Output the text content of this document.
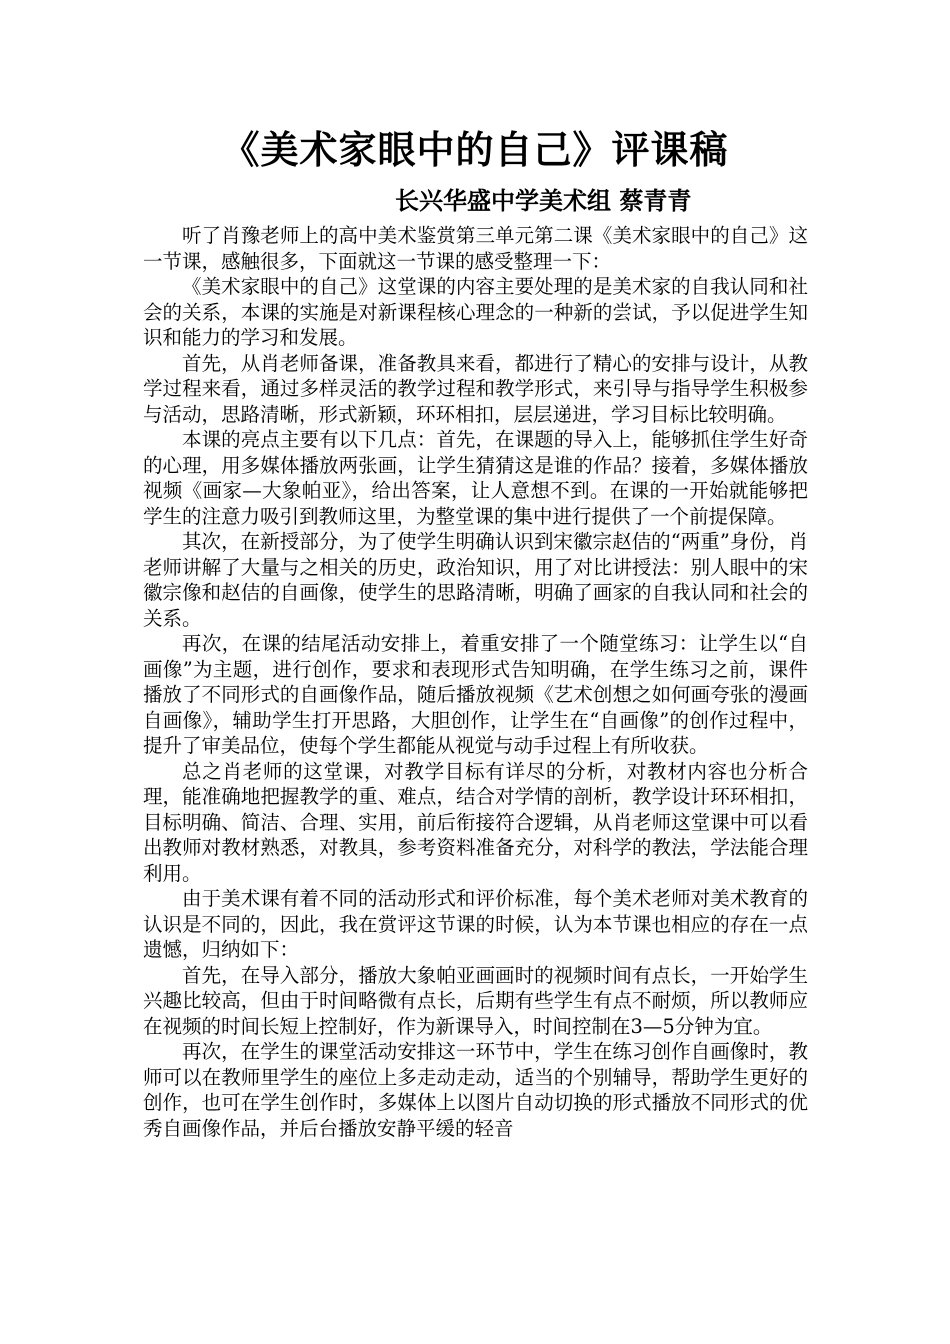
《美术家眼中的自己》评课稿
长兴华盛中学美术组 蔡青青

听了肖豫老师上的高中美术鉴赏第三单元第二课《美术家眼中的自己》这一节课，感触很多，下面就这一节课的感受整理一下：

《美术家眼中的自己》这堂课的内容主要处理的是美术家的自我认同和社会的关系，本课的实施是对新课程核心理念的一种新的尝试，予以促进学生知识和能力的学习和发展。

首先，从肖老师备课，准备教具来看，都进行了精心的安排与设计，从教学过程来看，通过多样灵活的教学过程和教学形式，来引导与指导学生积极参与活动，思路清晰，形式新颖，环环相扣，层层递进，学习目标比较明确。

本课的亮点主要有以下几点：首先，在课题的导入上，能够抓住学生好奇的心理，用多媒体播放两张画，让学生猜猜这是谁的作品？接着，多媒体播放视频《画家—大象帕亚》，给出答案，让人意想不到。在课的一开始就能够把学生的注意力吸引到教师这里，为整堂课的集中进行提供了一个前提保障。

其次，在新授部分，为了使学生明确认识到宋徽宗赵佶的“两重”身份，肖老师讲解了大量与之相关的历史，政治知识，用了对比讲授法：别人眼中的宋徽宗像和赵佶的自画像，使学生的思路清晰，明确了画家的自我认同和社会的关系。

再次，在课的结尾活动安排上，着重安排了一个随堂练习：让学生以“自画像”为主题，进行创作，要求和表现形式告知明确，在学生练习之前，课件播放了不同形式的自画像作品，随后播放视频《艺术创想之如何画夸张的漫画自画像》，辅助学生打开思路，大胆创作，让学生在“自画像”的创作过程中，提升了审美品位，使每个学生都能从视觉与动手过程上有所收获。

总之肖老师的这堂课，对教学目标有详尽的分析，对教材内容也分析合理，能准确地把握教学的重、难点，结合对学情的剖析，教学设计环环相扣，目标明确、简洁、合理、实用，前后衔接符合逻辑，从肖老师这堂课中可以看出教师对教材熟悉，对教具，参考资料准备充分，对科学的教法，学法能合理利用。

由于美术课有着不同的活动形式和评价标准，每个美术老师对美术教育的认识是不同的，因此，我在赏评这节课的时候，认为本节课也相应的存在一点遗憾，归纳如下：

首先，在导入部分，播放大象帕亚画画时的视频时间有点长，一开始学生兴趣比较高，但由于时间略微有点长，后期有些学生有点不耐烦，所以教师应在视频的时间长短上控制好，作为新课导入，时间控制在3—5分钟为宜。

再次，在学生的课堂活动安排这一环节中，学生在练习创作自画像时，教师可以在教师里学生的座位上多走动走动，适当的个别辅导，帮助学生更好的创作，也可在学生创作时，多媒体上以图片自动切换的形式播放不同形式的优秀自画像作品，并后台播放安静平缓的轻音
